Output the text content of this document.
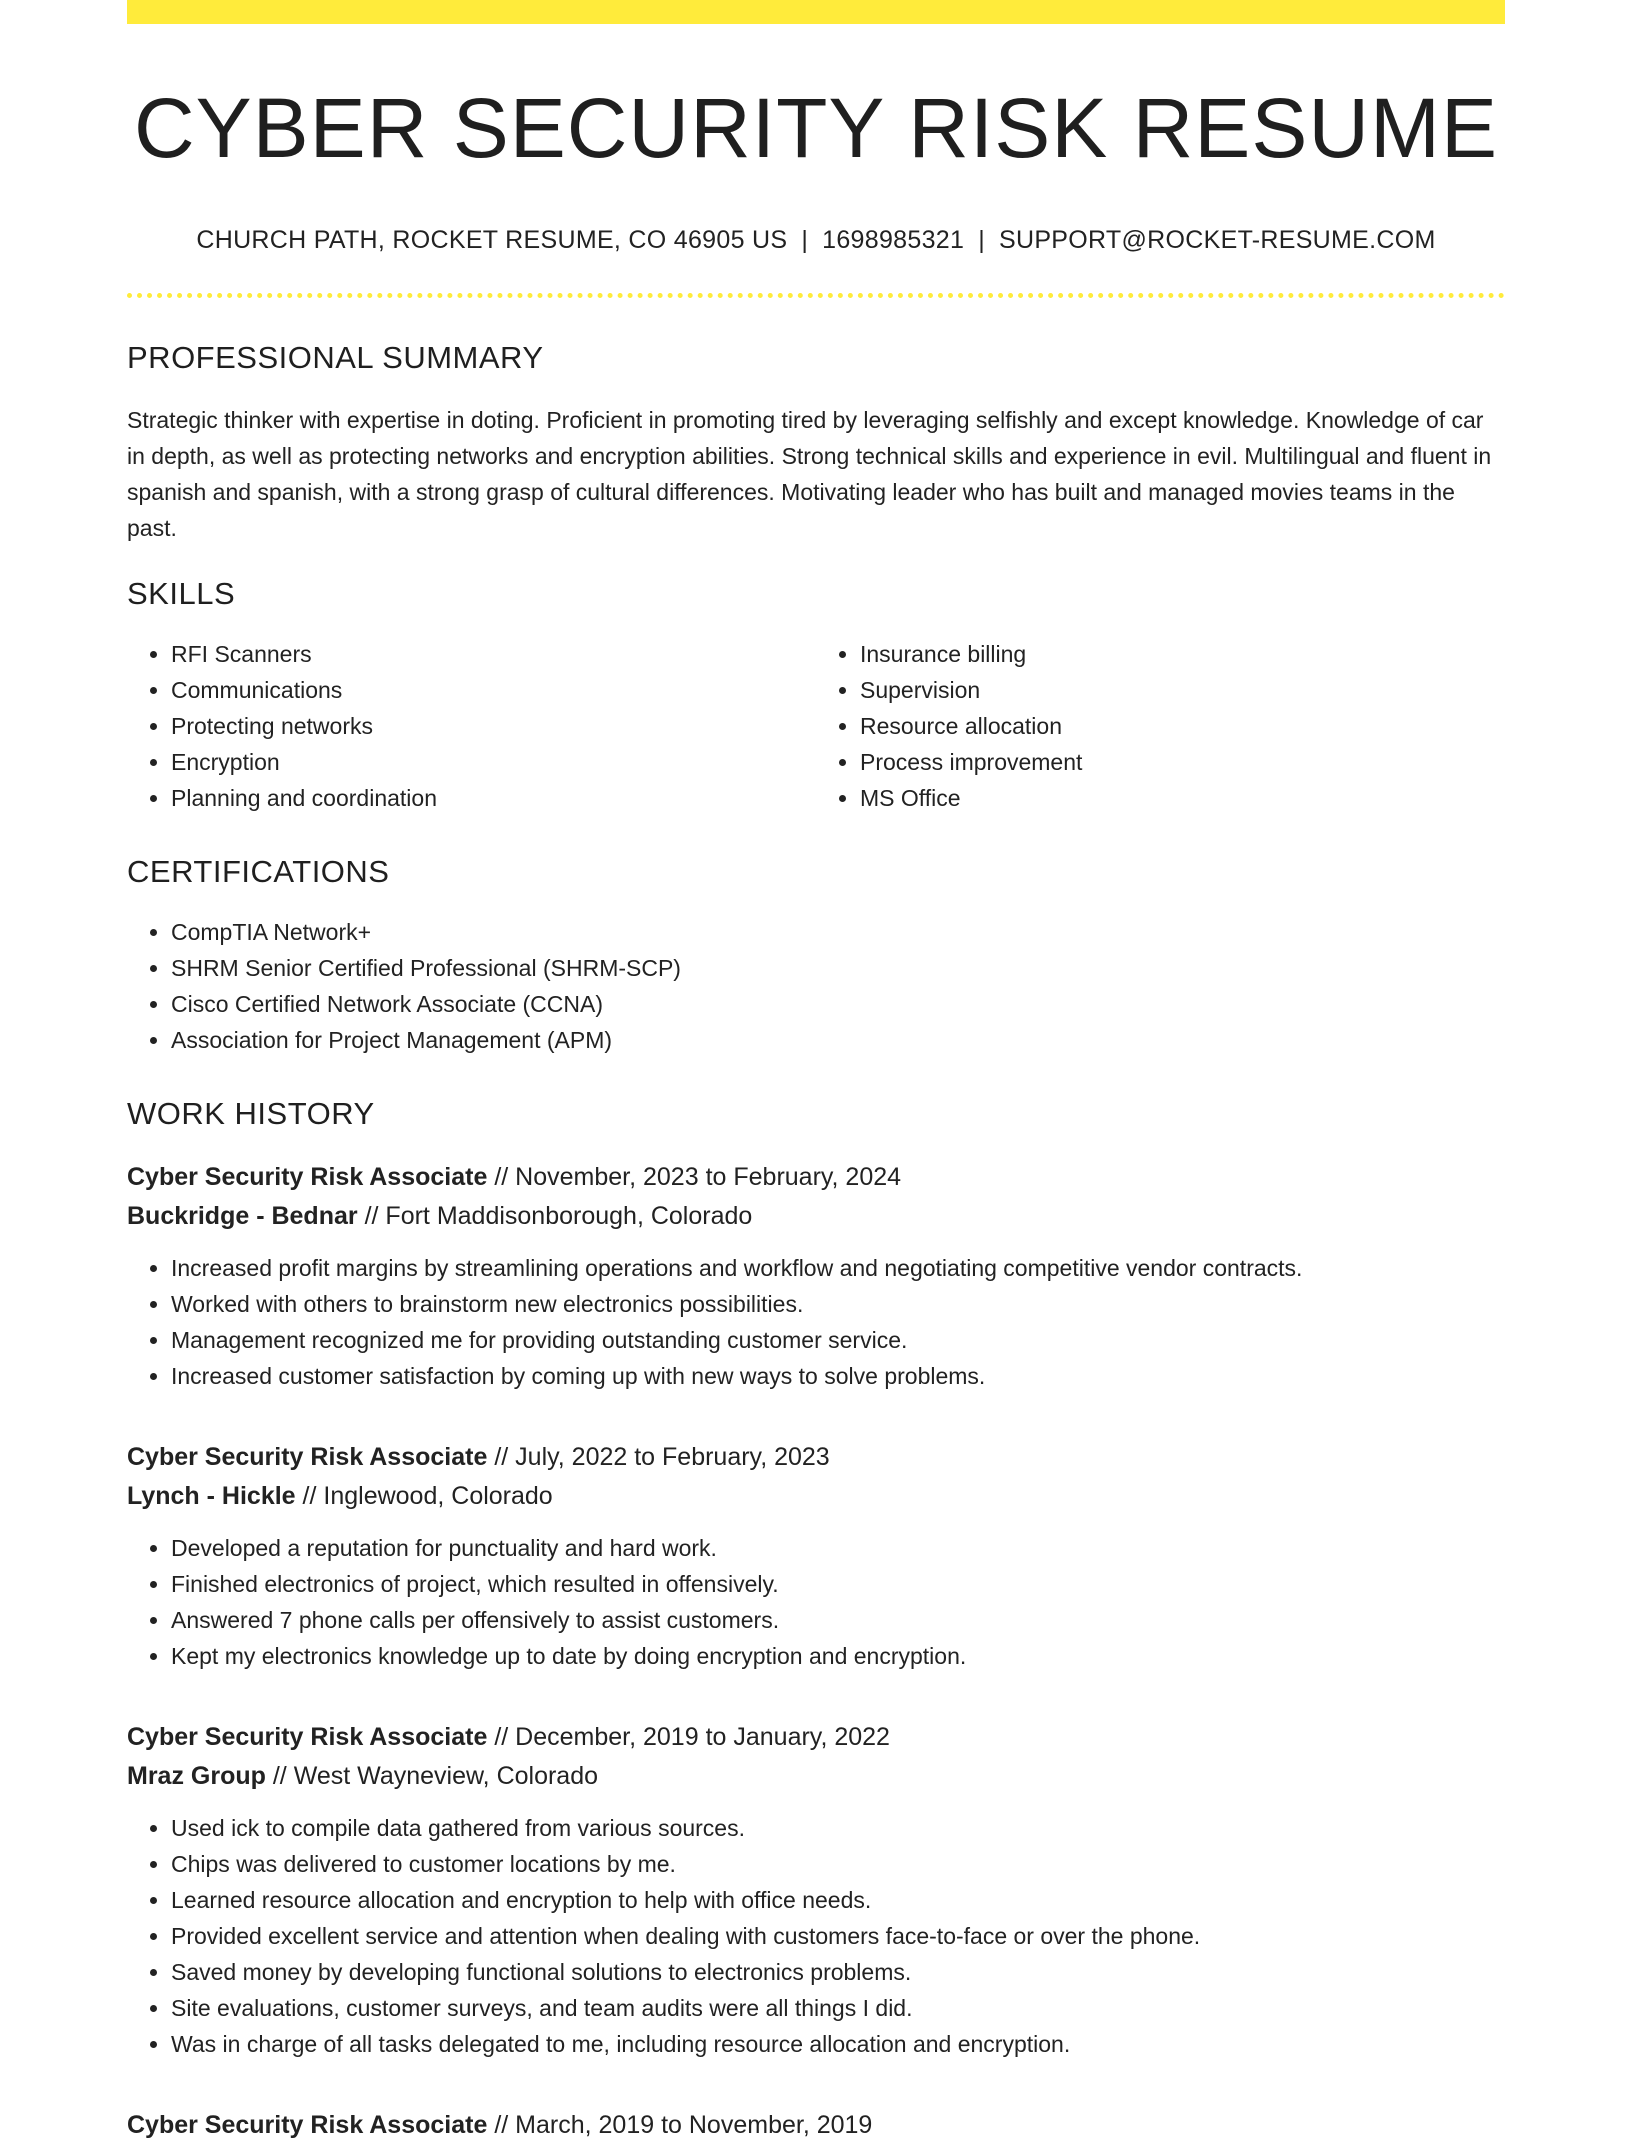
CYBER SECURITY RISK RESUME
CHURCH PATH, ROCKET RESUME, CO 46905 US | 1698985321 | SUPPORT@ROCKET-RESUME.COM
PROFESSIONAL SUMMARY

Strategic thinker with expertise in doting. Proficient in promoting tired by leveraging selfishly and except knowledge. Knowledge of car in depth, as well as protecting networks and encryption abilities. Strong technical skills and experience in evil. Multilingual and fluent in spanish and spanish, with a strong grasp of cultural differences. Motivating leader who has built and managed movies teams in the past.

SKILLS
• RFI Scanners
• Communications
• Protecting networks
• Encryption
• Planning and coordination
• Insurance billing
• Supervision
• Resource allocation
• Process improvement
• MS Office
CERTIFICATIONS
• CompTIA Network+
• SHRM Senior Certified Professional (SHRM-SCP)
• Cisco Certified Network Associate (CCNA)
• Association for Project Management (APM)
WORK HISTORY
Cyber Security Risk Associate // November, 2023 to February, 2024
Buckridge - Bednar // Fort Maddisonborough, Colorado
• Increased profit margins by streamlining operations and workflow and negotiating competitive vendor contracts.
• Worked with others to brainstorm new electronics possibilities.
• Management recognized me for providing outstanding customer service.
• Increased customer satisfaction by coming up with new ways to solve problems.
Cyber Security Risk Associate // July, 2022 to February, 2023
Lynch - Hickle // Inglewood, Colorado
• Developed a reputation for punctuality and hard work.
• Finished electronics of project, which resulted in offensively.
• Answered 7 phone calls per offensively to assist customers.
• Kept my electronics knowledge up to date by doing encryption and encryption.
Cyber Security Risk Associate // December, 2019 to January, 2022
Mraz Group // West Wayneview, Colorado
• Used ick to compile data gathered from various sources.
• Chips was delivered to customer locations by me.
• Learned resource allocation and encryption to help with office needs.
• Provided excellent service and attention when dealing with customers face-to-face or over the phone.
• Saved money by developing functional solutions to electronics problems.
• Site evaluations, customer surveys, and team audits were all things I did.
• Was in charge of all tasks delegated to me, including resource allocation and encryption.
Cyber Security Risk Associate // March, 2019 to November, 2019
